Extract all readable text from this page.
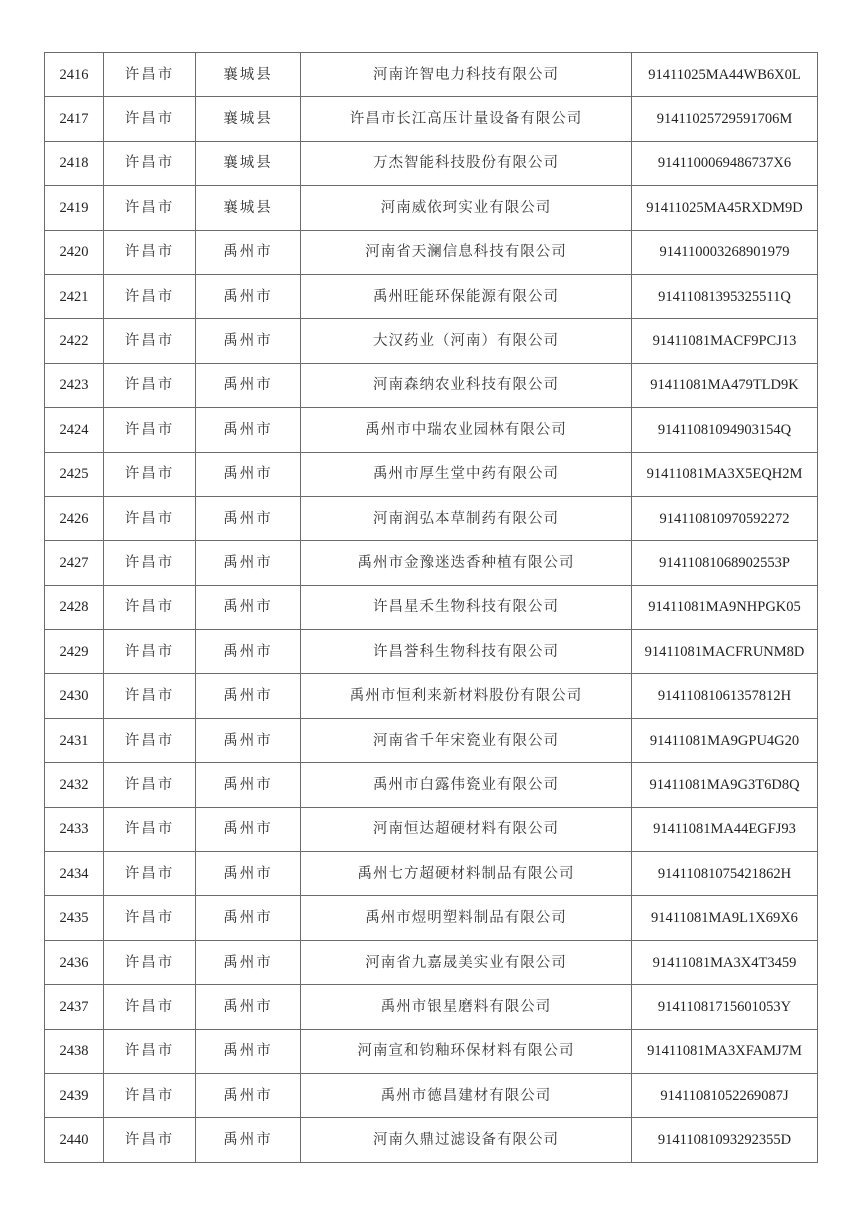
2416	许昌市	襄城县	河南许智电力科技有限公司	91411025MA44WB6X0L
2417	许昌市	襄城县	许昌市长江高压计量设备有限公司	91411025729591706M
2418	许昌市	襄城县	万杰智能科技股份有限公司	9141100069486737X6
2419	许昌市	襄城县	河南威依珂实业有限公司	91411025MA45RXDM9D
2420	许昌市	禹州市	河南省天澜信息科技有限公司	914110003268901979
2421	许昌市	禹州市	禹州旺能环保能源有限公司	91411081395325511Q
2422	许昌市	禹州市	大汉药业（河南）有限公司	91411081MACF9PCJ13
2423	许昌市	禹州市	河南森纳农业科技有限公司	91411081MA479TLD9K
2424	许昌市	禹州市	禹州市中瑞农业园林有限公司	91411081094903154Q
2425	许昌市	禹州市	禹州市厚生堂中药有限公司	91411081MA3X5EQH2M
2426	许昌市	禹州市	河南润弘本草制药有限公司	914110810970592272
2427	许昌市	禹州市	禹州市金豫迷迭香种植有限公司	91411081068902553P
2428	许昌市	禹州市	许昌星禾生物科技有限公司	91411081MA9NHPGK05
2429	许昌市	禹州市	许昌誉科生物科技有限公司	91411081MACFRUNM8D
2430	许昌市	禹州市	禹州市恒利来新材料股份有限公司	91411081061357812H
2431	许昌市	禹州市	河南省千年宋瓷业有限公司	91411081MA9GPU4G20
2432	许昌市	禹州市	禹州市白露伟瓷业有限公司	91411081MA9G3T6D8Q
2433	许昌市	禹州市	河南恒达超硬材料有限公司	91411081MA44EGFJ93
2434	许昌市	禹州市	禹州七方超硬材料制品有限公司	91411081075421862H
2435	许昌市	禹州市	禹州市煜明塑料制品有限公司	91411081MA9L1X69X6
2436	许昌市	禹州市	河南省九嘉晟美实业有限公司	91411081MA3X4T3459
2437	许昌市	禹州市	禹州市银星磨料有限公司	91411081715601053Y
2438	许昌市	禹州市	河南宣和钧釉环保材料有限公司	91411081MA3XFAMJ7M
2439	许昌市	禹州市	禹州市德昌建材有限公司	91411081052269087J
2440	许昌市	禹州市	河南久鼎过滤设备有限公司	91411081093292355D
